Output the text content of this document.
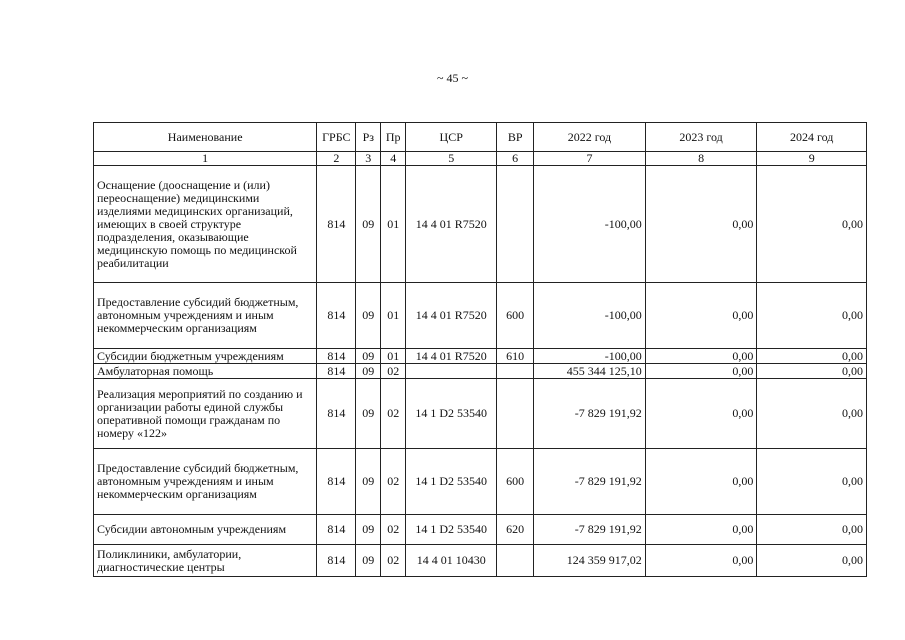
~ 45 ~
Наименование	ГРБС	Рз	Пр	ЦСР	ВР	2022 год	2023 год	2024 год
1	2	3	4	5	6	7	8	9
Оснащение (дооснащение и (или) переоснащение) медицинскими изделиями медицинских организаций, имеющих в своей структуре подразделения, оказывающие медицинскую помощь по медицинской реабилитации	814	09	01	14 4 01 R7520		-100,00	0,00	0,00
Предоставление субсидий бюджетным, автономным учреждениям и иным некоммерческим организациям	814	09	01	14 4 01 R7520	600	-100,00	0,00	0,00
Субсидии бюджетным учреждениям	814	09	01	14 4 01 R7520	610	-100,00	0,00	0,00
Амбулаторная помощь	814	09	02			455 344 125,10	0,00	0,00
Реализация мероприятий по созданию и организации работы единой службы оперативной помощи гражданам по номеру «122»	814	09	02	14 1 D2 53540		-7 829 191,92	0,00	0,00
Предоставление субсидий бюджетным, автономным учреждениям и иным некоммерческим организациям	814	09	02	14 1 D2 53540	600	-7 829 191,92	0,00	0,00
Субсидии автономным учреждениям	814	09	02	14 1 D2 53540	620	-7 829 191,92	0,00	0,00
Поликлиники, амбулатории, диагностические центры	814	09	02	14 4 01 10430		124 359 917,02	0,00	0,00
